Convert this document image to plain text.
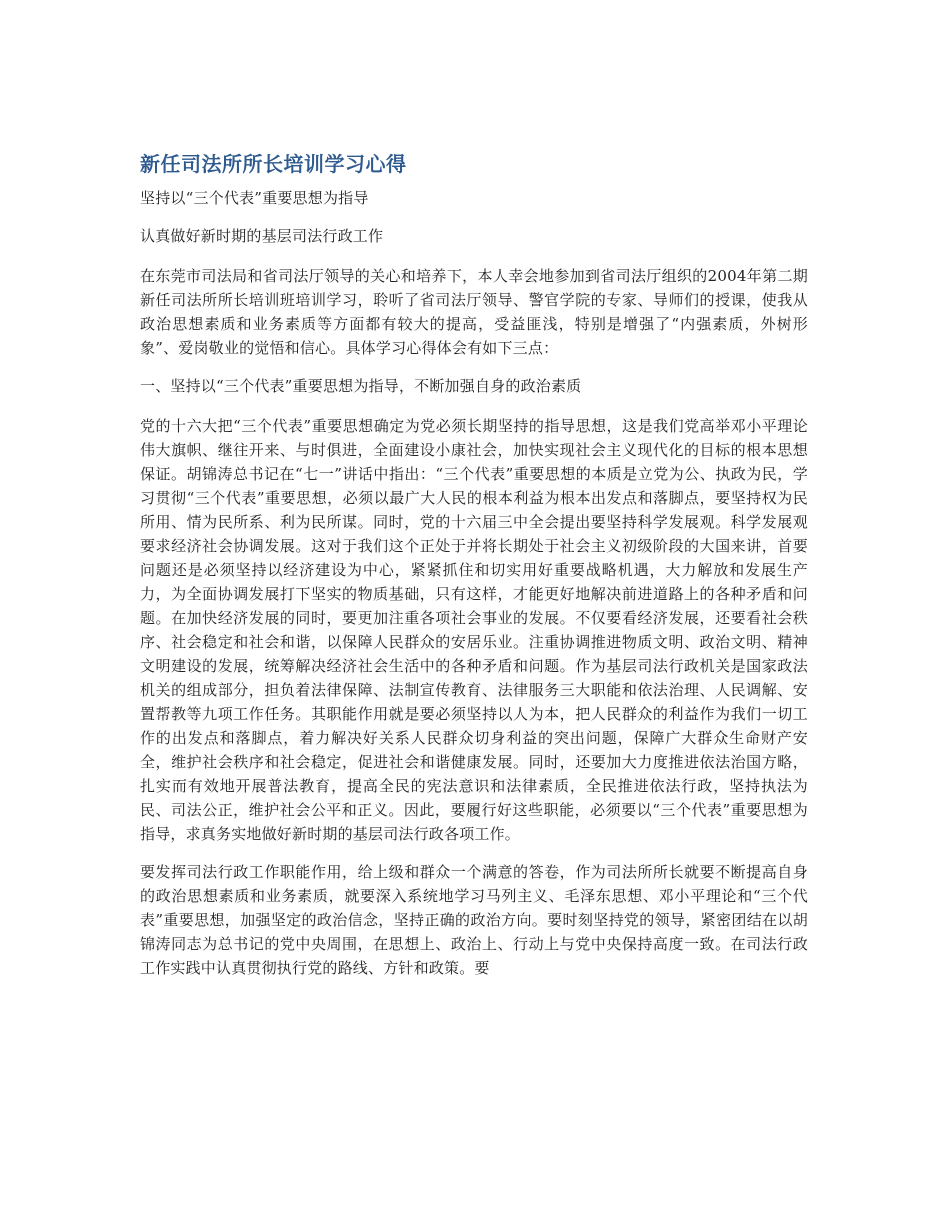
新任司法所所长培训学习心得

坚持以“三个代表”重要思想为指导

认真做好新时期的基层司法行政工作

在东莞市司法局和省司法厅领导的关心和培养下，本人幸会地参加到省司法厅组织的2004年第二期新任司法所所长培训班培训学习，聆听了省司法厅领导、警官学院的专家、导师们的授课，使我从政治思想素质和业务素质等方面都有较大的提高，受益匪浅，特别是增强了“内强素质，外树形象”、爱岗敬业的觉悟和信心。具体学习心得体会有如下三点：

一、坚持以“三个代表”重要思想为指导，不断加强自身的政治素质

党的十六大把“三个代表”重要思想确定为党必须长期坚持的指导思想，这是我们党高举邓小平理论伟大旗帜、继往开来、与时俱进，全面建设小康社会，加快实现社会主义现代化的目标的根本思想保证。胡锦涛总书记在“七一”讲话中指出：“三个代表”重要思想的本质是立党为公、执政为民，学习贯彻“三个代表”重要思想，必须以最广大人民的根本利益为根本出发点和落脚点，要坚持权为民所用、情为民所系、利为民所谋。同时，党的十六届三中全会提出要坚持科学发展观。科学发展观要求经济社会协调发展。这对于我们这个正处于并将长期处于社会主义初级阶段的大国来讲，首要问题还是必须坚持以经济建设为中心，紧紧抓住和切实用好重要战略机遇，大力解放和发展生产力，为全面协调发展打下坚实的物质基础，只有这样，才能更好地解决前进道路上的各种矛盾和问题。在加快经济发展的同时，要更加注重各项社会事业的发展。不仅要看经济发展，还要看社会秩序、社会稳定和社会和谐，以保障人民群众的安居乐业。注重协调推进物质文明、政治文明、精神文明建设的发展，统筹解决经济社会生活中的各种矛盾和问题。作为基层司法行政机关是国家政法机关的组成部分，担负着法律保障、法制宣传教育、法律服务三大职能和依法治理、人民调解、安置帮教等九项工作任务。其职能作用就是要必须坚持以人为本，把人民群众的利益作为我们一切工作的出发点和落脚点，着力解决好关系人民群众切身利益的突出问题，保障广大群众生命财产安全，维护社会秩序和社会稳定，促进社会和谐健康发展。同时，还要加大力度推进依法治国方略，扎实而有效地开展普法教育，提高全民的宪法意识和法律素质，全民推进依法行政，坚持执法为民、司法公正，维护社会公平和正义。因此，要履行好这些职能，必须要以“三个代表”重要思想为指导，求真务实地做好新时期的基层司法行政各项工作。

要发挥司法行政工作职能作用，给上级和群众一个满意的答卷，作为司法所所长就要不断提高自身的政治思想素质和业务素质，就要深入系统地学习马列主义、毛泽东思想、邓小平理论和“三个代表”重要思想，加强坚定的政治信念，坚持正确的政治方向。要时刻坚持党的领导，紧密团结在以胡锦涛同志为总书记的党中央周围，在思想上、政治上、行动上与党中央保持高度一致。在司法行政工作实践中认真贯彻执行党的路线、方针和政策。要
